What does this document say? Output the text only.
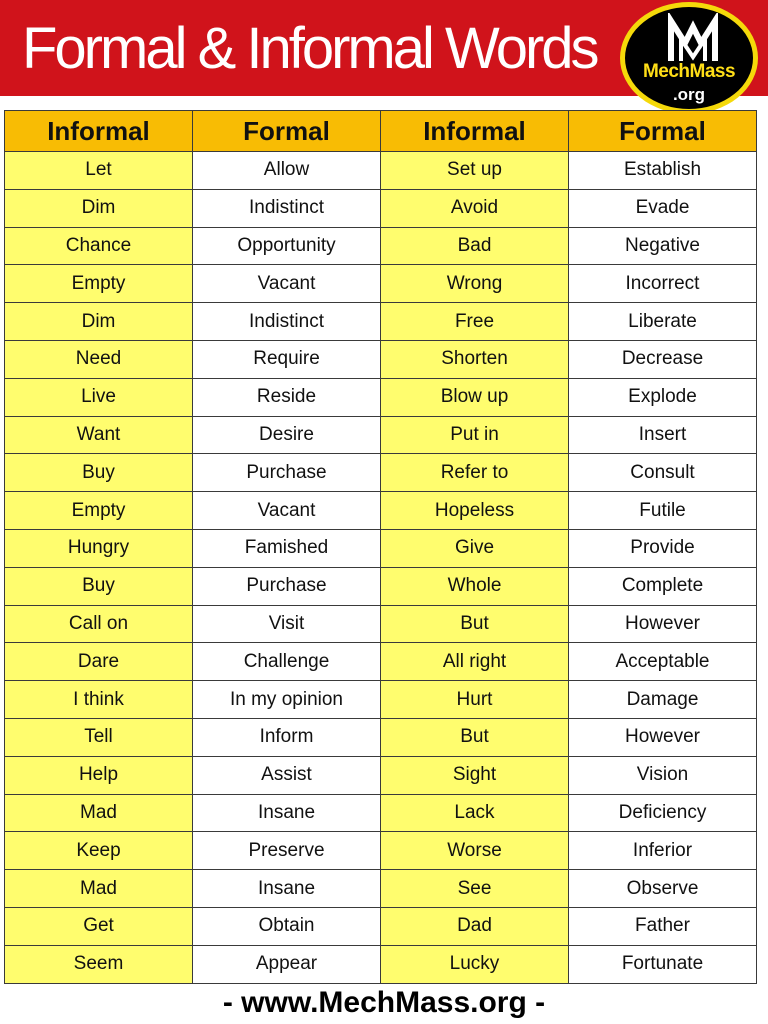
Formal & Informal Words	MechMass
.org
Informal	Formal	Informal	Formal
Let	Allow	Set up	Establish
Dim	Indistinct	Avoid	Evade
Chance	Opportunity	Bad	Negative
Empty	Vacant	Wrong	Incorrect
Dim	Indistinct	Free	Liberate
Need	Require	Shorten	Decrease
Live	Reside	Blow up	Explode
Want	Desire	Put in	Insert
Buy	Purchase	Refer to	Consult
Empty	Vacant	Hopeless	Futile
Hungry	Famished	Give	Provide
Buy	Purchase	Whole	Complete
Call on	Visit	But	However
Dare	Challenge	All right	Acceptable
I think	In my opinion	Hurt	Damage
Tell	Inform	But	However
Help	Assist	Sight	Vision
Mad	Insane	Lack	Deficiency
Keep	Preserve	Worse	Inferior
Mad	Insane	See	Observe
Get	Obtain	Dad	Father
Seem	Appear	Lucky	Fortunate
- www.MechMass.org -
